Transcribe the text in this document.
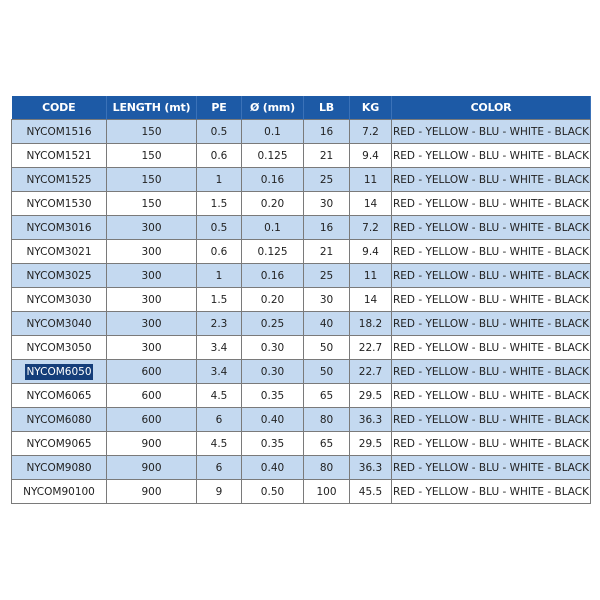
CODE	LENGTH (mt)	PE	Ø (mm)	LB	KG	COLOR
NYCOM1516	150	0.5	0.1	16	7.2	RED - YELLOW - BLU - WHITE - BLACK
NYCOM1521	150	0.6	0.125	21	9.4	RED - YELLOW - BLU - WHITE - BLACK
NYCOM1525	150	1	0.16	25	11	RED - YELLOW - BLU - WHITE - BLACK
NYCOM1530	150	1.5	0.20	30	14	RED - YELLOW - BLU - WHITE - BLACK
NYCOM3016	300	0.5	0.1	16	7.2	RED - YELLOW - BLU - WHITE - BLACK
NYCOM3021	300	0.6	0.125	21	9.4	RED - YELLOW - BLU - WHITE - BLACK
NYCOM3025	300	1	0.16	25	11	RED - YELLOW - BLU - WHITE - BLACK
NYCOM3030	300	1.5	0.20	30	14	RED - YELLOW - BLU - WHITE - BLACK
NYCOM3040	300	2.3	0.25	40	18.2	RED - YELLOW - BLU - WHITE - BLACK
NYCOM3050	300	3.4	0.30	50	22.7	RED - YELLOW - BLU - WHITE - BLACK
NYCOM6050	600	3.4	0.30	50	22.7	RED - YELLOW - BLU - WHITE - BLACK
NYCOM6065	600	4.5	0.35	65	29.5	RED - YELLOW - BLU - WHITE - BLACK
NYCOM6080	600	6	0.40	80	36.3	RED - YELLOW - BLU - WHITE - BLACK
NYCOM9065	900	4.5	0.35	65	29.5	RED - YELLOW - BLU - WHITE - BLACK
NYCOM9080	900	6	0.40	80	36.3	RED - YELLOW - BLU - WHITE - BLACK
NYCOM90100	900	9	0.50	100	45.5	RED - YELLOW - BLU - WHITE - BLACK
